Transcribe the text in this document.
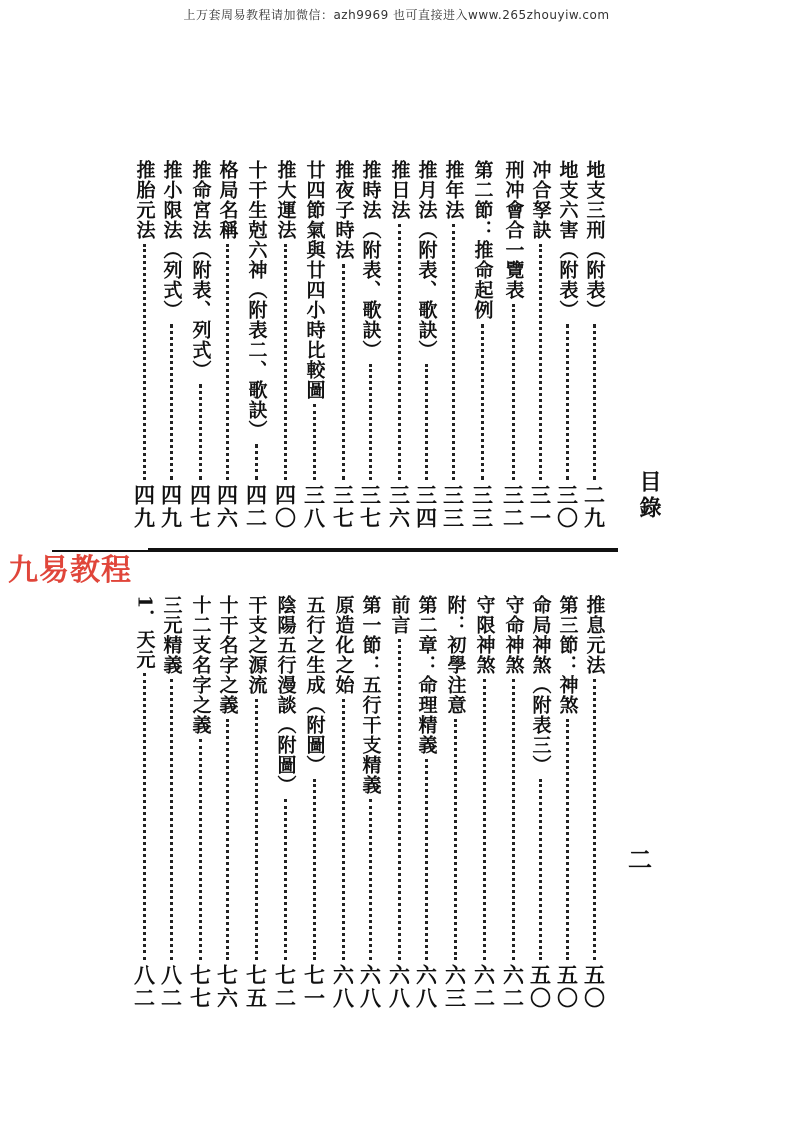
上万套周易教程请加微信：azh9969 也可直接进入www.265zhouyiw.com
目錄
地支三刑（附表）
二九
地支六害（附表）
三〇
冲合孥訣
三一
刑冲會合一覽表
三二
第二節：推命起例
三三
推年法
三三
推月法（附表、歌訣）
三四
推日法
三六
推時法（附表、歌訣）
三七
推夜子時法
三七
廿四節氣與廿四小時比較圖
三八
推大運法
四〇
十干生尅六神（附表二、歌訣）
四二
格局名稱
四六
推命宮法（附表、列式）
四七
推小限法（列式）
四九
推胎元法
四九
九易教程
推息元法
五〇
第三節：神煞
五〇
命局神煞（附表三）
五〇
守命神煞
六二
守限神煞
六二
附：初學注意
六三
第二章：命理精義
六八
前言
六八
第一節：五行干支精義
六八
原造化之始
六八
五行之生成（附圖）
七一
陰陽五行漫談（附圖）
七二
干支之源流
七五
十干名字之義
七六
十二支名字之義
七七
三元精義
八二
1．天元
八二
二
